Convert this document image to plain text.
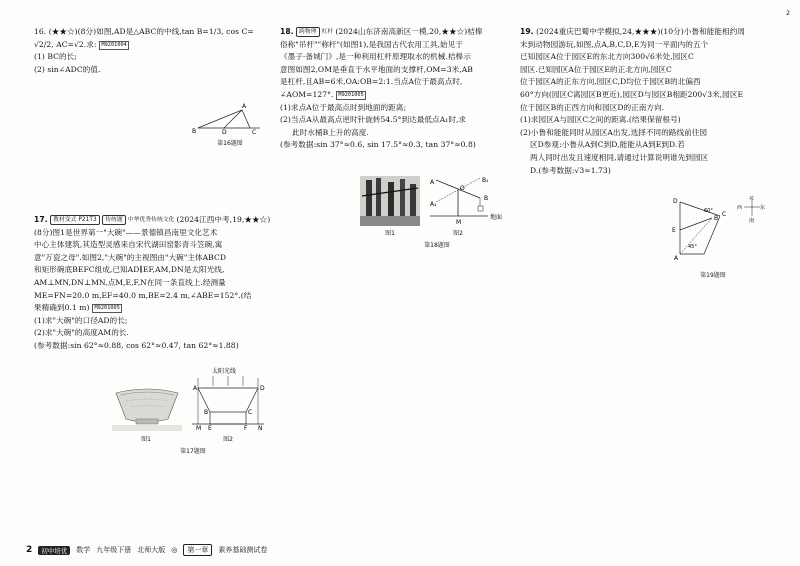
2

16. (★★☆)(8分)如图,AD是△ABC的中线,tan B=1/3, cos C=

√2/2, AC=√2.求: M9201004

(1) BC的长;

(2) sin∠ADC的值.

A
B	D	C
第16题图

17. 教材变式 P21T3 传统题 中华优秀传统文化 (2024江西中考,19,★★☆)

(8分)图1是世界第一"大碗"——景德镇昌南里文化艺术

中心主体建筑,其造型灵感来自宋代湖田窑影青斗笠碗,寓

意"万瓷之母".如图2,"大碗"的主视图由"大碗"主体ABCD

和矩形碗底BEFC组成,已知AD∥EF,AM,DN是太阳光线,

AM⊥MN,DN⊥MN,点M,E,F,N在同一条直线上.经测量

ME=FN=20.0 m,EF=40.0 m,BE=2.4 m,∠ABE=152°.(结

果精确到0.1 m) M9201005

(1)求"大碗"的口径AD的长;

(2)求"大碗"的高度AM的长.

(参考数据:sin 62°≈0.88, cos 62°≈0.47, tan 62°≈1.88)

图1
太阳光线
A	D
B	C
M E	F N
图2
第17题图

18. 跨物理 杠杆 (2024山东济南高新区一模,20,★★☆)桔槔

俗称"吊杆""称杆"(如图1),是我国古代农用工具,始见于

《墨子·备城门》,是一种利用杠杆原理取水的机械.桔槔示

意图如图2,OM是垂直于水平地面的支撑杆,OM=3米,AB

是杠杆,且AB=6米,OA:OB=2:1.当点A位于最高点时,

∠AOM=127°. M9201005

(1)求点A位于最高点时到地面的距离;

(2)当点A从最高点逆时针旋转54.5°到达最低点A₁时,求

此时水桶B上升的高度.

(参考数据:sin 37°≈0.6, sin 17.5°≈0.3, tan 37°≈0.8)

图1
A
A₁
O
B₁
B
M
地面
图2
第18题图

19. (2024重庆巴蜀中学模拟,24,★★★)(10分)小鲁和能能相约周

末到动物园游玩,如图,点A,B,C,D,E为同一平面内的五个

已知园区A位于园区E的东北方向300√6米处,园区C

园区.已知园区A位于园区E的正北方向,园区C

位于园区A的正东方向,园区C,D均位于园区B的北偏西

60°方向(园区C离园区B更近),园区D与园区B相距200√3米,园区E

位于园区B的正西方向和园区D的正南方向.

(1)求园区A与园区C之间的距离.(结果保留根号)

(2)小鲁和能能同时从园区A出发,选择不同的路线前往园

区D参观:小鲁从A到C到D,能能从A到E到D.若

两人同时出发且速度相同,请通过计算说明谁先到园区

D.(参考数据:√3≈1.73)

D
C
E
B
A
60°
45°
北
南
西	东
第19题图
2	初中培优	数学 九年级下册 北师大版 ◎	第一章	素养基础测试卷
